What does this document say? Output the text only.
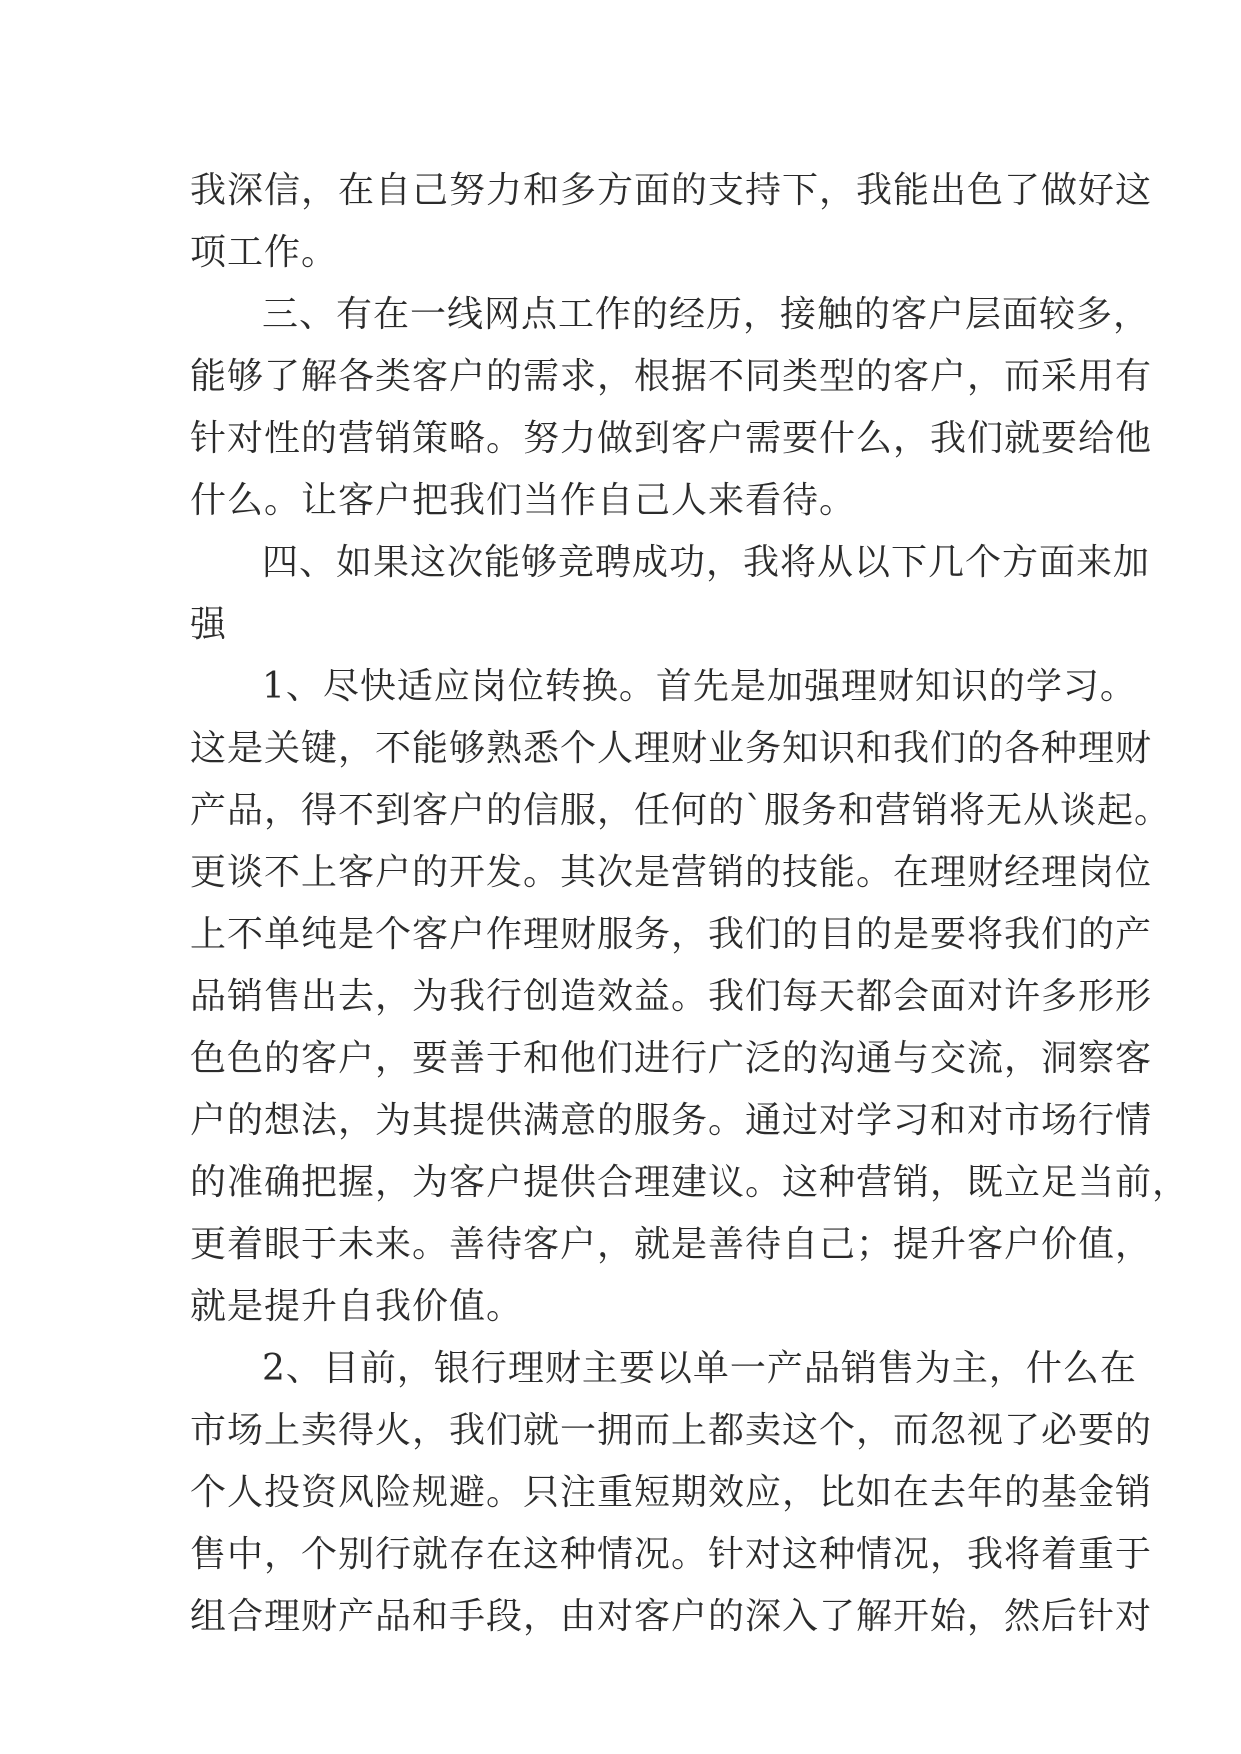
我深信，在自己努力和多方面的支持下，我能出色了做好这
项工作。
三、有在一线网点工作的经历，接触的客户层面较多，
能够了解各类客户的需求，根据不同类型的客户，而采用有
针对性的营销策略。努力做到客户需要什么，我们就要给他
什么。让客户把我们当作自己人来看待。
四、如果这次能够竞聘成功，我将从以下几个方面来加
强
1、尽快适应岗位转换。首先是加强理财知识的学习。
这是关键，不能够熟悉个人理财业务知识和我们的各种理财
产品，得不到客户的信服，任何的`服务和营销将无从谈起。
更谈不上客户的开发。其次是营销的技能。在理财经理岗位
上不单纯是个客户作理财服务，我们的目的是要将我们的产
品销售出去，为我行创造效益。我们每天都会面对许多形形
色色的客户，要善于和他们进行广泛的沟通与交流，洞察客
户的想法，为其提供满意的服务。通过对学习和对市场行情
的准确把握，为客户提供合理建议。这种营销，既立足当前，
更着眼于未来。善待客户，就是善待自己；提升客户价值，
就是提升自我价值。
2、目前，银行理财主要以单一产品销售为主，什么在
市场上卖得火，我们就一拥而上都卖这个，而忽视了必要的
个人投资风险规避。只注重短期效应，比如在去年的基金销
售中，个别行就存在这种情况。针对这种情况，我将着重于
组合理财产品和手段，由对客户的深入了解开始，然后针对
